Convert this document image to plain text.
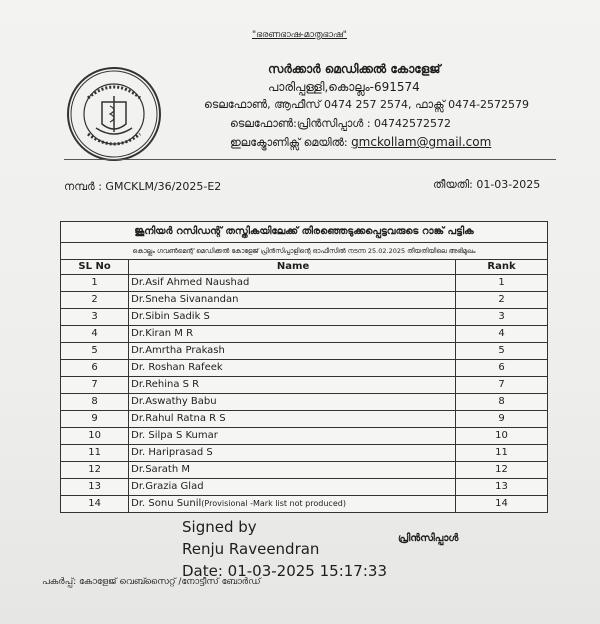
"ഭരണഭാഷ-മാതൃഭാഷ"
സർക്കാർ മെഡിക്കൽ കോളേജ്
പാരിപ്പള്ളി,കൊല്ലം-691574
ടെലഫോൺ, ആഫീസ് 0474 257 2574, ഫാക്സ് 0474-2572579
ടെലഫോൺ:പ്രിൻസിപ്പാൾ : 04742572572
ഇലക്ട്രോണിക്സ് മെയിൽ: gmckollam@gmail.com
നമ്പർ : GMCKLM/36/2025-E2	തീയതി: 01-03-2025
ജൂനിയർ റസിഡന്റ് തസ്തികയിലേക്ക് തിരഞ്ഞെടുക്കപ്പെട്ടവരുടെ റാങ്ക് പട്ടിക		
കൊല്ലം ഗവൺമെന്റ് മെഡിക്കൽ കോളേജ് പ്രിൻസിപ്പാളിന്റെ ഓഫീസിൽ നടന്ന 25.02.2025 തീയതിയിലെ അഭിമുഖം		
SL No	Name	Rank
1	Dr.Asif Ahmed Naushad	1
2	Dr.Sneha Sivanandan	2
3	Dr.Sibin Sadik S	3
4	Dr.Kiran M R	4
5	Dr.Amrtha Prakash	5
6	Dr. Roshan Rafeek	6
7	Dr.Rehina S R	7
8	Dr.Aswathy Babu	8
9	Dr.Rahul Ratna R S	9
10	Dr. Silpa S Kumar	10
11	Dr. Hariprasad S	11
12	Dr.Sarath M	12
13	Dr.Grazia Glad	13
14	Dr. Sonu Sunil(Provisional -Mark list not produced)	14
Signed by
Renju Raveendran
Date: 01-03-2025 15:17:33
പ്രിൻസിപ്പാൾ
പകർപ്പ്: കോളേജ് വെബ്സൈറ്റ് /നോട്ടീസ് ബോർഡ്
